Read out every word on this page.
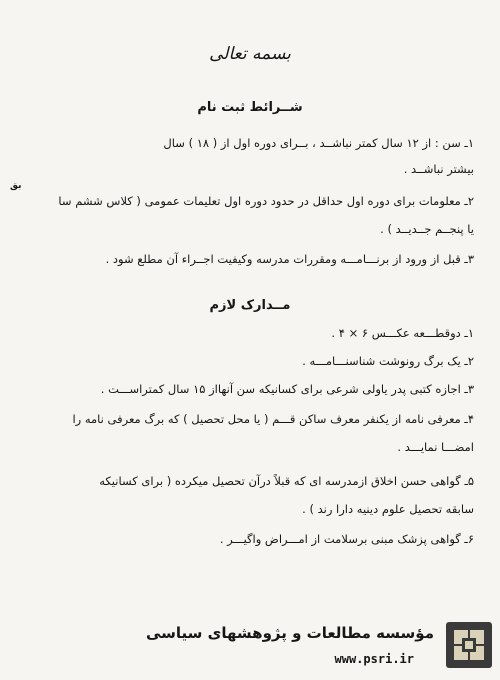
بسمه تعالی
شــرائط ثبت نام
۱ـ سن : از ۱۲ سال کمتر نباشــد ، بــرای دوره اول از ( ۱۸ ) سال
بیشتر نباشــد .
۲ـ معلومات برای دوره اول حداقل در حدود دوره اول تعلیمات عمومی ( کلاس ششم سا
بق
یا پنجــم جــدیــد ) .
۳ـ قبل از ورود از برنـــامـــه ومقررات مدرسه وکیفیت اجــراء آن مطلع شود .
مــدارک لازم
۱ـ دوقطـــعه عکـــس ۶ × ۴ .
۲ـ یک برگ رونوشت شناسنـــامـــه .
۳ـ اجازه کتبی پدر یاولی شرعی برای کسانیکه سن آنهااز ۱۵ سال کمتراســـت .
۴ـ معرفی نامه از یکنفر معرف ساکن قـــم ( یا محل تحصیل ) که برگ معرفی نامه را
امضـــا نمایـــد .
۵ـ گواهی حسن اخلاق ازمدرسه ای که قبلاً درآن تحصیل میکرده ( برای کسانیکه
سابقه تحصیل علوم دینیه دارا رند ) .
۶ـ گواهی پزشک مبنی برسلامت از امـــراض واگیـــر .
مؤسسه مطالعات و پژوهشهای سیاسی
www.psri.ir
